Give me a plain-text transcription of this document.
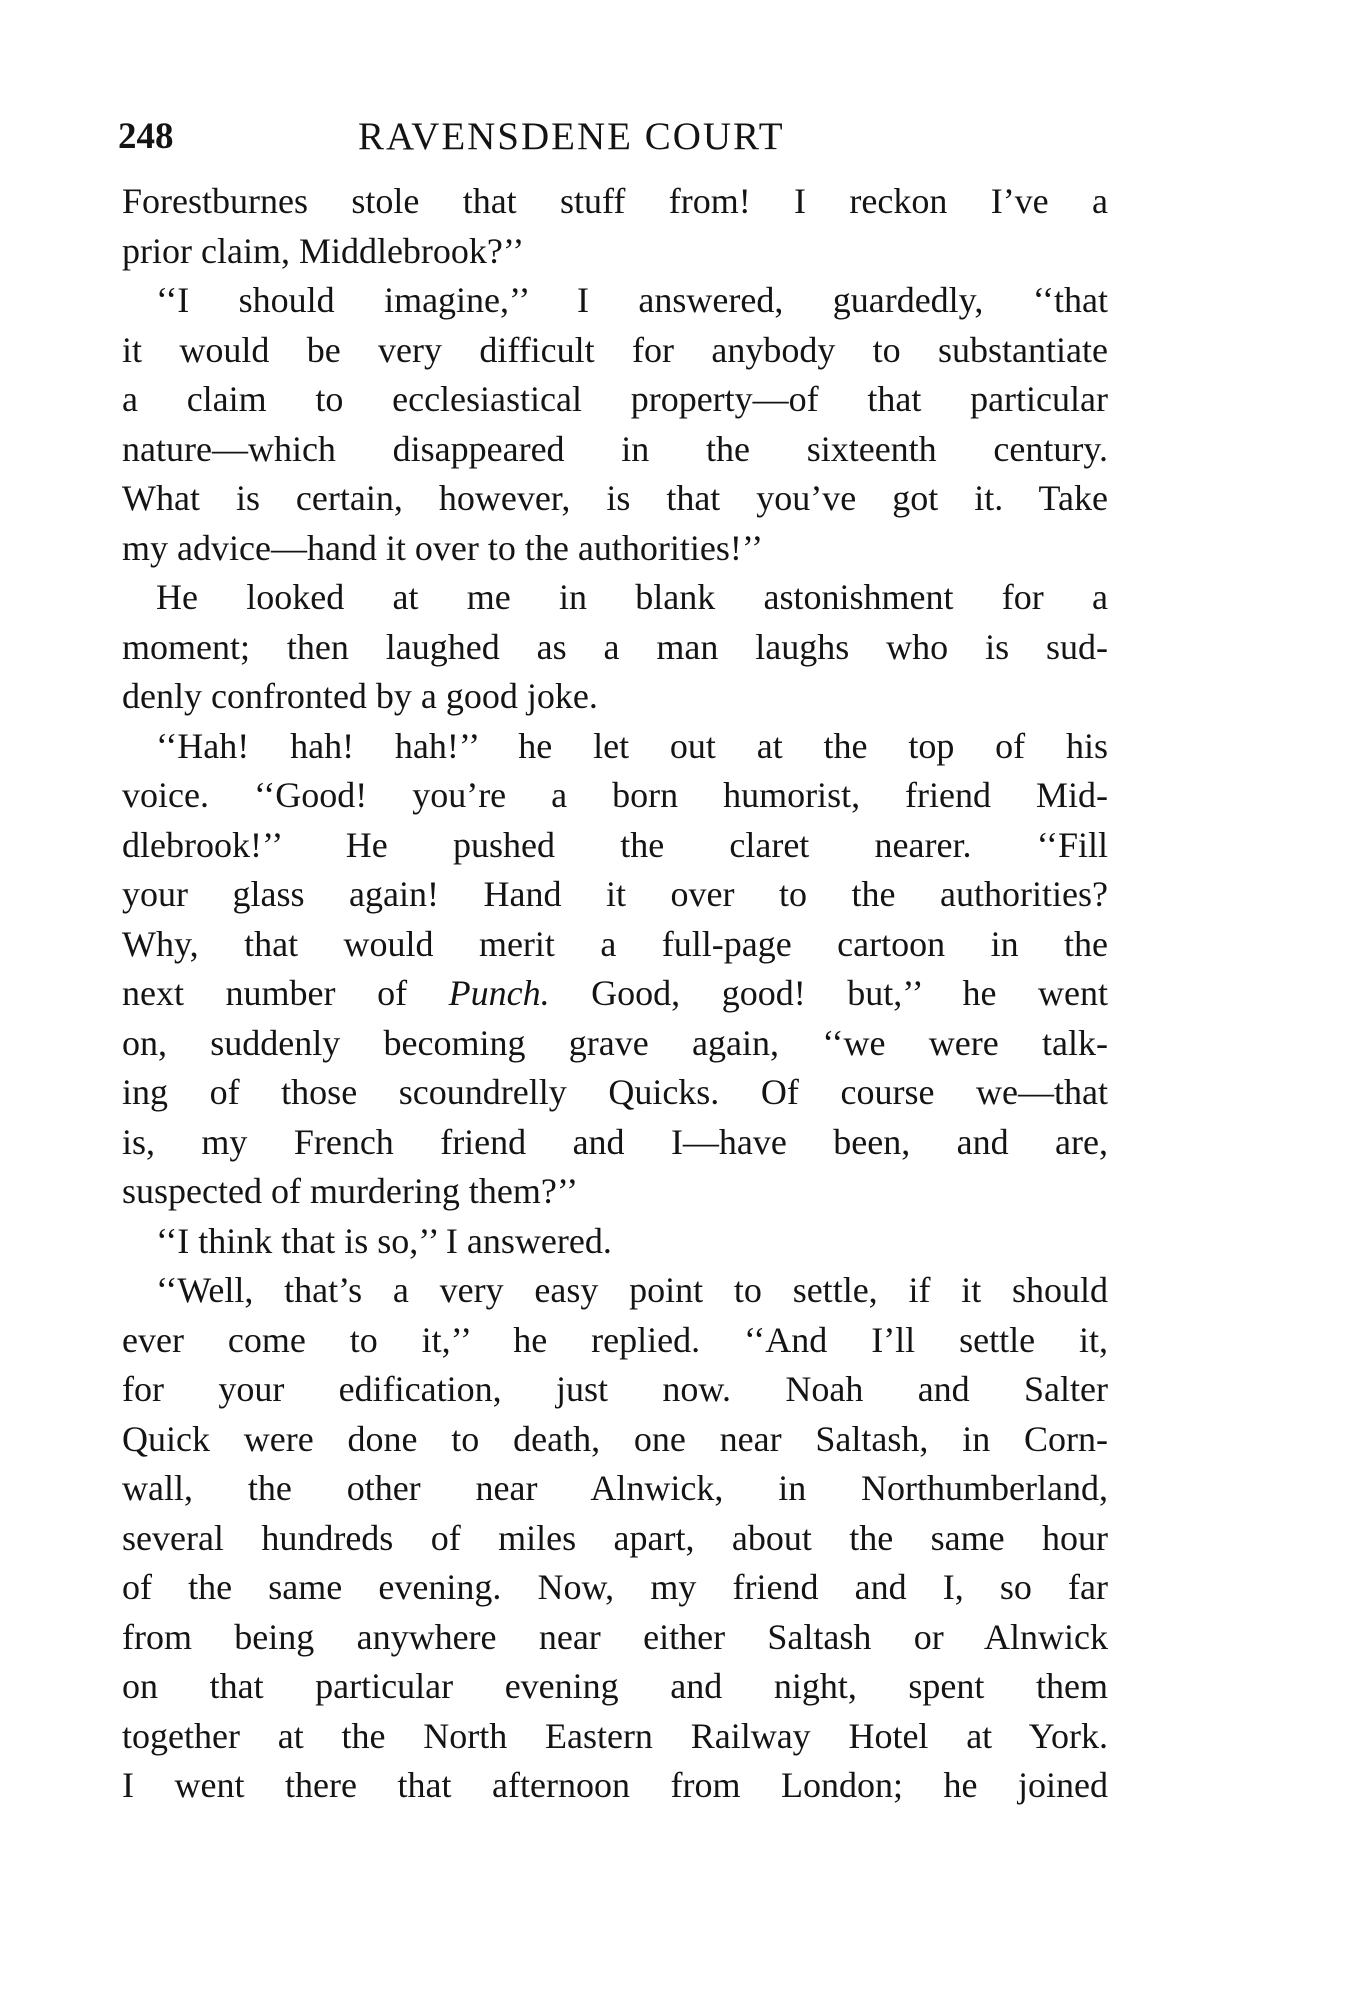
248	RAVENSDENE COURT
Forestburnes stole that stuff from! I reckon I’ve a
prior claim, Middlebrook?’’
‘‘I should imagine,’’ I answered, guardedly, ‘‘that
it would be very difficult for anybody to substantiate
a claim to ecclesiastical property—of that particular
nature—which disappeared in the sixteenth century.
What is certain, however, is that you’ve got it. Take
my advice—hand it over to the authorities!’’
He looked at me in blank astonishment for a
moment; then laughed as a man laughs who is sud-
denly confronted by a good joke.
‘‘Hah! hah! hah!’’ he let out at the top of his
voice. ‘‘Good! you’re a born humorist, friend Mid-
dlebrook!’’ He pushed the claret nearer. ‘‘Fill
your glass again! Hand it over to the authorities?
Why, that would merit a full-page cartoon in the
next number of Punch. Good, good! but,’’ he went
on, suddenly becoming grave again, ‘‘we were talk-
ing of those scoundrelly Quicks. Of course we—that
is, my French friend and I—have been, and are,
suspected of murdering them?’’
‘‘I think that is so,’’ I answered.
‘‘Well, that’s a very easy point to settle, if it should
ever come to it,’’ he replied. ‘‘And I’ll settle it,
for your edification, just now. Noah and Salter
Quick were done to death, one near Saltash, in Corn-
wall, the other near Alnwick, in Northumberland,
several hundreds of miles apart, about the same hour
of the same evening. Now, my friend and I, so far
from being anywhere near either Saltash or Alnwick
on that particular evening and night, spent them
together at the North Eastern Railway Hotel at York.
I went there that afternoon from London; he joined
